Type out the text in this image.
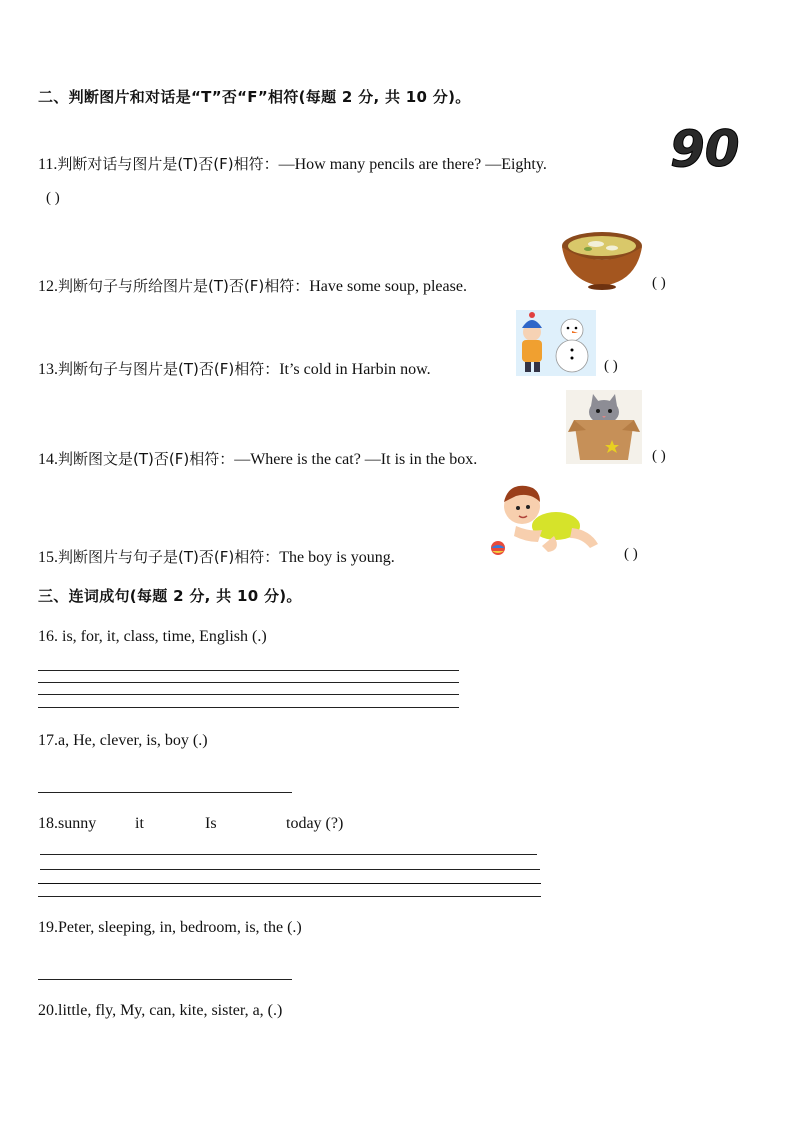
二、判断图片和对话是“T”否“F”相符(每题 2 分, 共 10 分)。
11.判断对话与图片是(T)否(F)相符：—How many pencils are there? —Eighty. 90
( )
12.判断句子与所给图片是(T)否(F)相符：Have some soup, please.	( )
13.判断句子与图片是(T)否(F)相符：It’s cold in Harbin now.	( )
14.判断图文是(T)否(F)相符：—Where is the cat? —It is in the box.	( )
15.判断图片与句子是(T)否(F)相符：The boy is young.	( )
三、连词成句(每题 2 分, 共 10 分)。
16. is, for, it, class, time, English (.)
17.a, He, clever, is, boy (.)
18.sunny it	Is	today (?)
19.Peter, sleeping, in, bedroom, is, the (.)
20.little, fly, My, can, kite, sister, a, (.)
